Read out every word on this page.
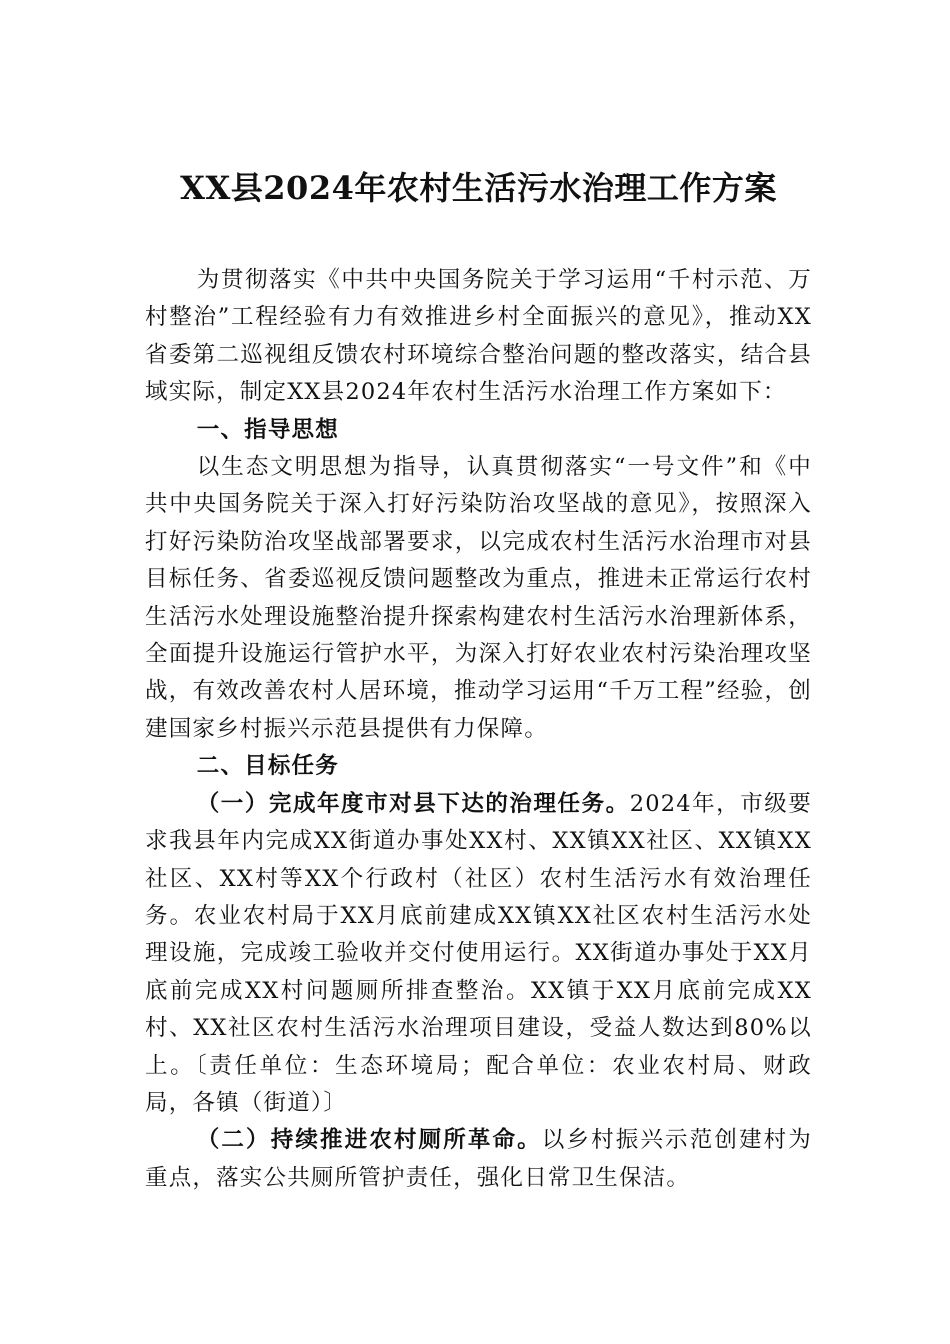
XX县2024年农村生活污水治理工作方案

为贯彻落实《中共中央国务院关于学习运用“千村示范、万村整治”工程经验有力有效推进乡村全面振兴的意见》，推动XX省委第二巡视组反馈农村环境综合整治问题的整改落实，结合县域实际，制定XX县2024年农村生活污水治理工作方案如下：

一、指导思想

以生态文明思想为指导，认真贯彻落实“一号文件”和《中共中央国务院关于深入打好污染防治攻坚战的意见》，按照深入打好污染防治攻坚战部署要求，以完成农村生活污水治理市对县目标任务、省委巡视反馈问题整改为重点，推进未正常运行农村生活污水处理设施整治提升探索构建农村生活污水治理新体系，全面提升设施运行管护水平，为深入打好农业农村污染治理攻坚战，有效改善农村人居环境，推动学习运用“千万工程”经验，创建国家乡村振兴示范县提供有力保障。

二、目标任务

（一）完成年度市对县下达的治理任务。2024年，市级要求我县年内完成XX街道办事处XX村、XX镇XX社区、XX镇XX社区、XX村等XX个行政村（社区）农村生活污水有效治理任务。农业农村局于XX月底前建成XX镇XX社区农村生活污水处理设施，完成竣工验收并交付使用运行。XX街道办事处于XX月底前完成XX村问题厕所排查整治。XX镇于XX月底前完成XX村、XX社区农村生活污水治理项目建设，受益人数达到80%以上。〔责任单位：生态环境局；配合单位：农业农村局、财政局，各镇（街道）〕

（二）持续推进农村厕所革命。以乡村振兴示范创建村为重点，落实公共厕所管护责任，强化日常卫生保洁。
